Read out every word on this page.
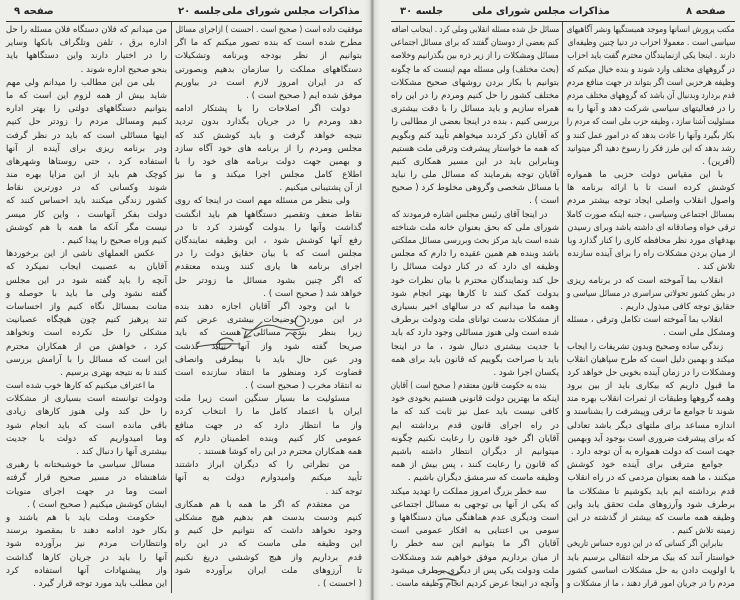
صفحه ۹	جلسه ۲۰ مذاکرات مجلس شورای ملی
موفقیت داده است ( صحیح است . احسنت ) ازاجرای مسائل
مطرح شده است که بنده تصور میکنم که ما اگر
بتوانیم از نظر بودجه وبرنامه وتشکیلات
دستگاههای مملکت را سازمان بدهیم وبصورتی
که در ایران امروز لازم است در بیاوریم
موفق شده ایم ( صحیح است ) .
دولت اگر اصلاحات را با پشتکار ادامه
دهد ومردم را در جریان بگذارد بدون تردید
نتیجه خواهد گرفت و باید کوشش کند که
مجلس ومردم را از برنامه های خود آگاه سازد
و بهمین جهت دولت برنامه های خود را با
اطلاع کامل مجلس اجرا میکند و ما نیز
از آن پشتیبانی میکنیم .
ولی بنظر من مسئله مهم است در اینجا که روی
نقاط ضعف وتقصیر دستگاهها هم باید انگشت
گذاشت وآنها را بدولت گوشزد کرد تا در
رفع آنها کوشش شود ، این وظیفه نمایندگان
مجلس است که با بیان حقایق دولت را در
اجرای برنامه ها یاری کنند وبنده معتقدم
که اگر چنین بشود مسائل ما زودتر حل
خواهد شد ( صحیح است ) .
با این وجود اگر آقایان اجازه دهند بنده
در این مورد توضیحات بیشتری عرض کنم
زیرا بنظر بنده مسائلی هست که باید
صریحا گفته شود واز آنها نباید گذشت
ودر عین حال باید با بیطرفی وانصاف
قضاوت کرد ومنظور ما انتقاد سازنده است
نه انتقاد مخرب ( صحیح است ) .
مسئولیت ما بسیار سنگین است زیرا ملت
ایران با اعتماد کامل ما را انتخاب کرده
واز ما انتظار دارد که در جهت منافع
عمومی کار کنیم وبنده اطمینان دارم که
همه همکاران محترم در این راه کوشا هستند .
من نظراتی را که دیگران ابراز داشتند
تأیید میکنم وامیدوارم دولت به آنها
توجه کند .
من معتقدم که اگر ما همه با هم همکاری
کنیم ودست بدست هم بدهیم هیچ مشکلی
وجود نخواهد داشت که نتوانیم حل کنیم و
این وظیفه ملی ماست که در این راه
قدم برداریم واز هیچ کوششی دریغ نکنیم
تا آرزوهای ملت ایران برآورده شود
( احسنت ) .
من میدانم که فلان دستگاه فلان مسئله را حل
اداره برق ، تلفن وتلگراف بانکها وسایر
را در اختیار دارند واین دستگاهها باید
بنحو صحیح اداره شوند .
بلی من این مطالب را میدانم ولی مهم
شاید بیش از همه لزوم این است که ما
بتوانیم دستگاههای دولتی را بهتر اداره
کنیم ومسائل مردم را زودتر حل کنیم
اینها مسائلی است که باید در نظر گرفت
ودر برنامه ریزی برای آینده از آنها
استفاده کرد ، حتی روستاها وشهرهای
کوچک هم باید از این مزایا بهره مند
شوند وکسانی که در دورترین نقاط
کشور زندگی میکنند باید احساس کنند که
دولت بفکر آنهاست ، واین کار میسر
نیست مگر آنکه ما همه با هم کوشش
کنیم وراه صحیح را پیدا کنیم .
عکس العملهای ناشی از این برخوردها
آقایان به عصبیت ایجاب نمیکرد که
آنچه را باید گفته شود در این مجلس
گفته نشود ولی ما باید با حوصله و
متانت بمسائل نگاه کنیم واز احساسات
تند پرهیز کنیم چون هیچگاه عصبانیت
مشکلی را حل نکرده است ونخواهد
کرد ، خواهش من از همکاران محترم
این است که مسائل را با آرامش بررسی
کنند تا به نتیجه بهتری برسیم .
ما اعتراف میکنیم که کارها خوب شده است
ودولت توانسته است بسیاری از مشکلات
را حل کند ولی هنوز کارهای زیادی
باقی مانده است که باید انجام شود
وما امیدواریم که دولت با جدیت
بیشتری آنها را دنبال کند .
مسائل سیاسی ما خوشبختانه با رهبری
شاهنشاه در مسیر صحیح قرار گرفته
است وما در جهت اجرای منویات
ایشان کوشش میکنیم ( صحیح است ) .
حکومت وملت باید با هم باشند و
بکار خود ادامه دهند تا بمقصود برسند
وانتظارات مردم نیز برآورده شود
آنها را باید در جریان کارها گذاشت
واز پیشنهادات آنها استفاده کرد
این مطلب باید مورد توجه قرار گیرد .
جلسه ۳۰	مذاکرات مجلس شورای ملی	صفحه ۸
مکتب پرورش انسانها وموجد همبستگیها ونشر آگاهیهای
سیاسی است . معمولا احزاب در دنیا چنین وظیفه‌ای
دارند . اینجا یکی ازنمایندگان محترم گفت باید احزاب
در گروههای مختلف وارد شوند و بنده خیال میکنم که
وظیفه هرحزبی است اگر بتواند در جهت منافع مردم
قدم بردارد وبدنبال آن باشد که گروههای مختلف مردم
را در فعالیتهای سیاسی شرکت دهد و آنها را به
مسئولیت آشنا سازد ، وظیفه حزب ملی است که مردم را
بکار بگیرد وآنها را عادت بدهد که در امور عمل کنند و
رشد بدهد که این طرز فکر را رسوخ دهید اگر میتوانید
(آفرین) .
با این مقیاس دولت حزبی ما همواره
کوشش کرده است تا با ارائه برنامه ها
واصول انقلاب واصلی ایجاد توجه بیشتر مردم
بمسائل اجتماعی وسیاسی ، جنبه اینکه صورت کاملا
ترقی خواه وصادقانه ای داشته باشد وبرای رسیدن
بهدفهای مورد نظر محافظه کاری را کنار گذارد وبا
از میان بردن مشکلات راه را برای آینده سازنده
تلاش کند .
انقلاب بما آموخته است که در برنامه ریزی
در بطن کشور تحولاتی سراسری در مسائل سیاسی و
حقایق توجه کافی مبذول داریم .
انقلاب بما آموخته است تکامل وترقی ، مسئله
ومشکل ملی است .
زندگی ساده وصحیح وبدون تشریفات را ایجاب
میکند و بهمین دلیل است که طرح سپاهیان انقلاب
ومشکلات را در زمان آینده بخوبی حل خواهد کرد
ما قبول داریم که بیکاری باید از بین برود
وهمه گروهها وطبقات از ثمرات انقلاب بهره مند
شوند تا جوامع ما ترقی وپیشرفت را بشناسند و
اندازه مساعد برای ملتهای دیگر باشد تعادلی
که برای پیشرفت ضروری است بوجود آید وبهمین
جهت است که دولت همواره به آن توجه دارد .
جوامع مترقی برای آینده خود کوشش
میکنند ، ما همه بعنوان مردمی که در راه انقلاب
قدم برداشته ایم باید بکوشیم تا مشکلات ما
برطرف شود وآرزوهای ملت تحقق یابد واین
وظیفه همه ماست که بیشتر از گذشته در این
زمینه تلاش کنیم .
بنابراین اگر کسانی که در این دوره حساس تاریخی
خواستار آنند که بیک مرحله انتقالی برسیم باید
با اولویت دادن به حل مشکلات اساسی کشور
مردم را در جریان امور قرار دهند ، ما از مشکلات و
مسائل حل شده مسئله انقلابی وملی کرد . اینجانب اضافه
کنم بعضی از دوستان گفتند که برای مسائل اجتماعی
مسائل ومشکلات را از زیر ذره بین بگذرانیم وخلاصه
(بحث مختلف) ولی مسئله مهم اینست که ما چگونه
بتوانیم با بکار بردن روشهای صحیح مشکلات
مختلف کشور را حل کنیم ومردم را در این راه
همراه سازیم و باید مسائل را با دقت بیشتری
بررسی کنیم ، بنده در اینجا بعضی از مطالبی را
که آقایان ذکر کردند میخواهم تأیید کنم وبگویم
که همه ما خواستار پیشرفت وترقی ملت هستیم
وبنابراین باید در این مسیر همکاری کنیم
آقایان توجه بفرمایند که مسائل ملی را نباید
با مسائل شخصی وگروهی مخلوط کرد ( صحیح
است ) .
در اینجا آقای رئیس مجلس اشاره فرمودند که
شورای ملی که بحق بعنوان خانه ملت شناخته
شده است باید مرکز بحث وبررسی مسائل مملکتی
باشد وبنده هم همین عقیده را دارم که مجلس
وظیفه ای دارد که در کنار دولت مسائل را
حل کند ونمایندگان محترم با بیان نظرات خود
بدولت کمک کنند تا کارها بهتر انجام شود
وهمه ما میدانیم که در سالهای اخیر بسیاری
از مشکلات بدست توانای ملت ودولت برطرف
شده است ولی هنوز مسائلی وجود دارد که باید
با جدیت بیشتری دنبال شود ، ما در اینجا
باید با صراحت بگوییم که قانون باید برای همه
یکسان اجرا شود .
بنده به حکومت قانون معتقدم ( صحیح است ) آقایان
اینکه ما بهترین دولت قانونی هستیم بخودی خود
کافی نیست باید عمل نیز ثابت کند که ما
در راه اجرای قانون قدم برداشته ایم
آقایان اگر خود قانون را رعایت نکنیم چگونه
میتوانیم از دیگران انتظار داشته باشیم
که قانون را رعایت کنند ، پس بیش از همه
وظیفه ماست که سرمشق دیگران باشیم .
سه خطر بزرگ امروز مملکت را تهدید میکند
که یکی از آنها بی توجهی به مسائل اجتماعی
است ودیگری عدم هماهنگی میان دستگاهها و
سومی بی اعتنایی به افکار عمومی است
آقایان اگر ما بتوانیم این سه خطر را
از میان برداریم موفق خواهیم شد ومشکلات
ملت ودولت یکی پس از دیگری برطرف میشود
وآنچه در اینجا عرض کردیم انجام وظیفه ماست .
